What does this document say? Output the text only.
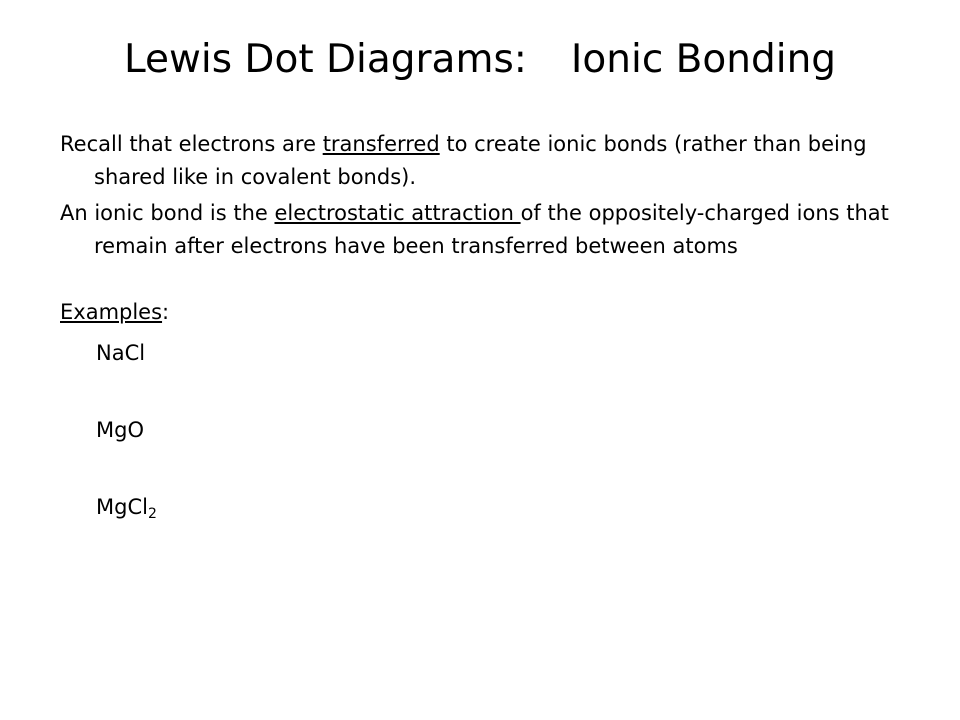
Lewis Dot Diagrams: Ionic Bonding

Recall that electrons are transferred to create ionic bonds (rather than being shared like in covalent bonds).

An ionic bond is the electrostatic attraction of the oppositely-charged ions that remain after electrons have been transferred between atoms

Examples:
NaCl
MgO
MgCl$_2$
